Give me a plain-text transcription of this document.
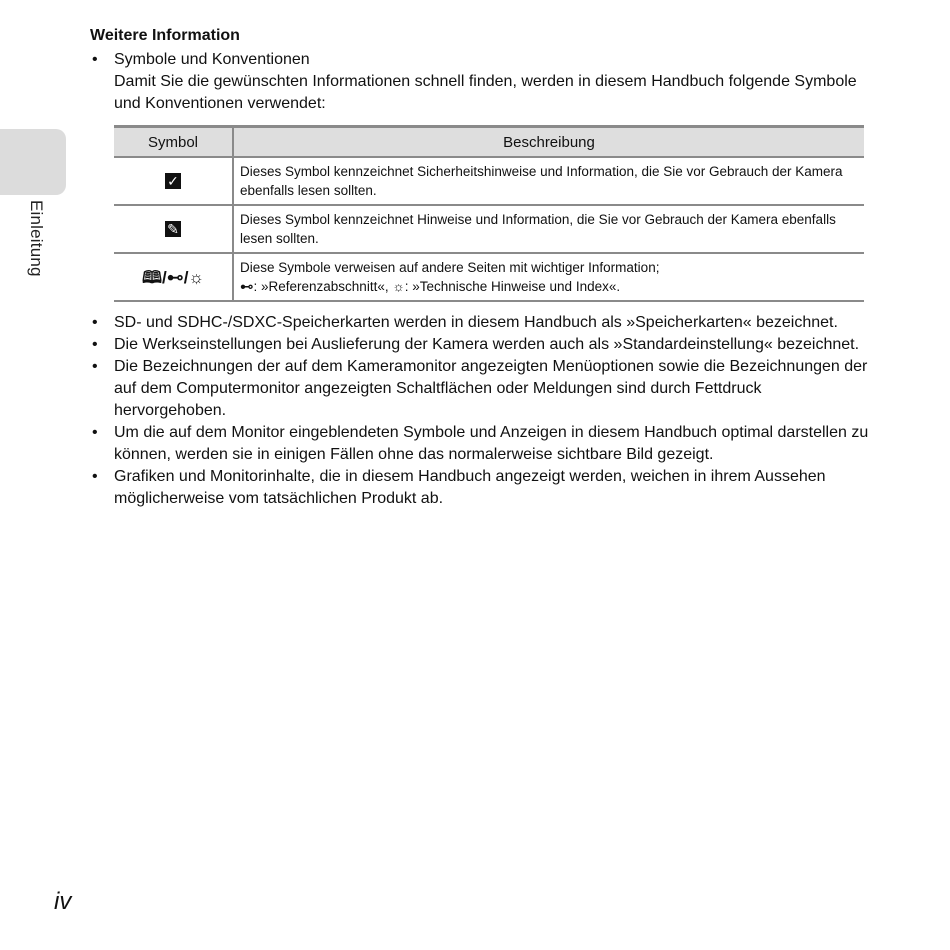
Einleitung
Weitere Information
• Symbole und Konventionen
Damit Sie die gewünschten Informationen schnell finden, werden in diesem Handbuch folgende Symbole und Konventionen verwendet:
Symbol	Beschreibung
✓	Dieses Symbol kennzeichnet Sicherheitshinweise und Information, die Sie vor Gebrauch der Kamera ebenfalls lesen sollten.
✎	Dieses Symbol kennzeichnet Hinweise und Information, die Sie vor Gebrauch der Kamera ebenfalls lesen sollten.
🕮/⊷/☼	Diese Symbole verweisen auf andere Seiten mit wichtiger Information;
⊷: »Referenzabschnitt«, ☼: »Technische Hinweise und Index«.
• SD- und SDHC-/SDXC-Speicherkarten werden in diesem Handbuch als »Speicherkarten« bezeichnet.
• Die Werkseinstellungen bei Auslieferung der Kamera werden auch als »Standardeinstellung« bezeichnet.
• Die Bezeichnungen der auf dem Kameramonitor angezeigten Menüoptionen sowie die Bezeichnungen der auf dem Computermonitor angezeigten Schaltflächen oder Meldungen sind durch Fettdruck hervorgehoben.
• Um die auf dem Monitor eingeblendeten Symbole und Anzeigen in diesem Handbuch optimal darstellen zu können, werden sie in einigen Fällen ohne das normalerweise sichtbare Bild gezeigt.
• Grafiken und Monitorinhalte, die in diesem Handbuch angezeigt werden, weichen in ihrem Aussehen möglicherweise vom tatsächlichen Produkt ab.
iv
